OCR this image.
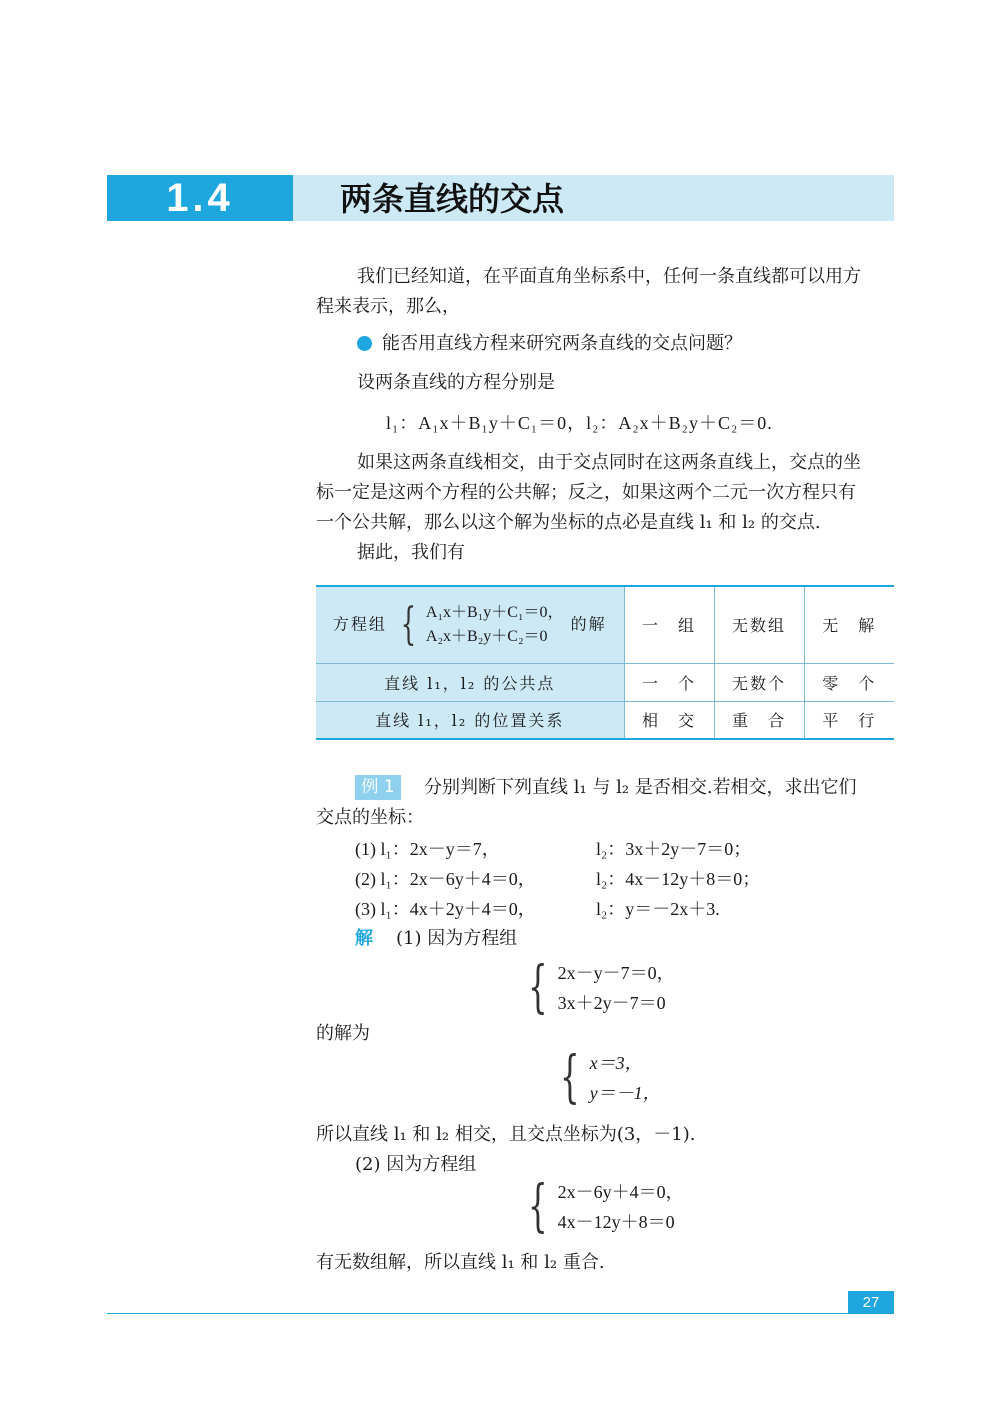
1.4	两条直线的交点
我们已经知道，在平面直角坐标系中，任何一条直线都可以用方
程来表示，那么，
能否用直线方程来研究两条直线的交点问题？
设两条直线的方程分别是
l₁：A₁x＋B₁y＋C₁＝0，l₂：A₂x＋B₂y＋C₂＝0.
如果这两条直线相交，由于交点同时在这两条直线上，交点的坐
标一定是这两个方程的公共解；反之，如果这两个二元一次方程只有
一个公共解，那么以这个解为坐标的点必是直线 l₁ 和 l₂ 的交点.
据此，我们有
方程组 { A₁x＋B₁y＋C₁＝0，
A₂x＋B₂y＋C₂＝0
的解	一　组	无数组	无　解
直线 l₁，l₂ 的公共点	一　个	无数个	零　个
直线 l₁，l₂ 的位置关系	相　交	重　合	平　行
例 1	分别判断下列直线 l₁ 与 l₂ 是否相交.若相交，求出它们
交点的坐标：
(1) l₁：2x－y＝7，	l₂：3x＋2y－7＝0；
(2) l₁：2x－6y＋4＝0，	l₂：4x－12y＋8＝0；
(3) l₁：4x＋2y＋4＝0，	l₂：y＝－2x＋3.
解 (1) 因为方程组
{ 2x－y－7＝0，
3x＋2y－7＝0
的解为
{ x＝3，
y＝－1，
所以直线 l₁ 和 l₂ 相交，且交点坐标为(3，－1).
(2) 因为方程组
{ 2x－6y＋4＝0，
4x－12y＋8＝0
有无数组解，所以直线 l₁ 和 l₂ 重合.
27
